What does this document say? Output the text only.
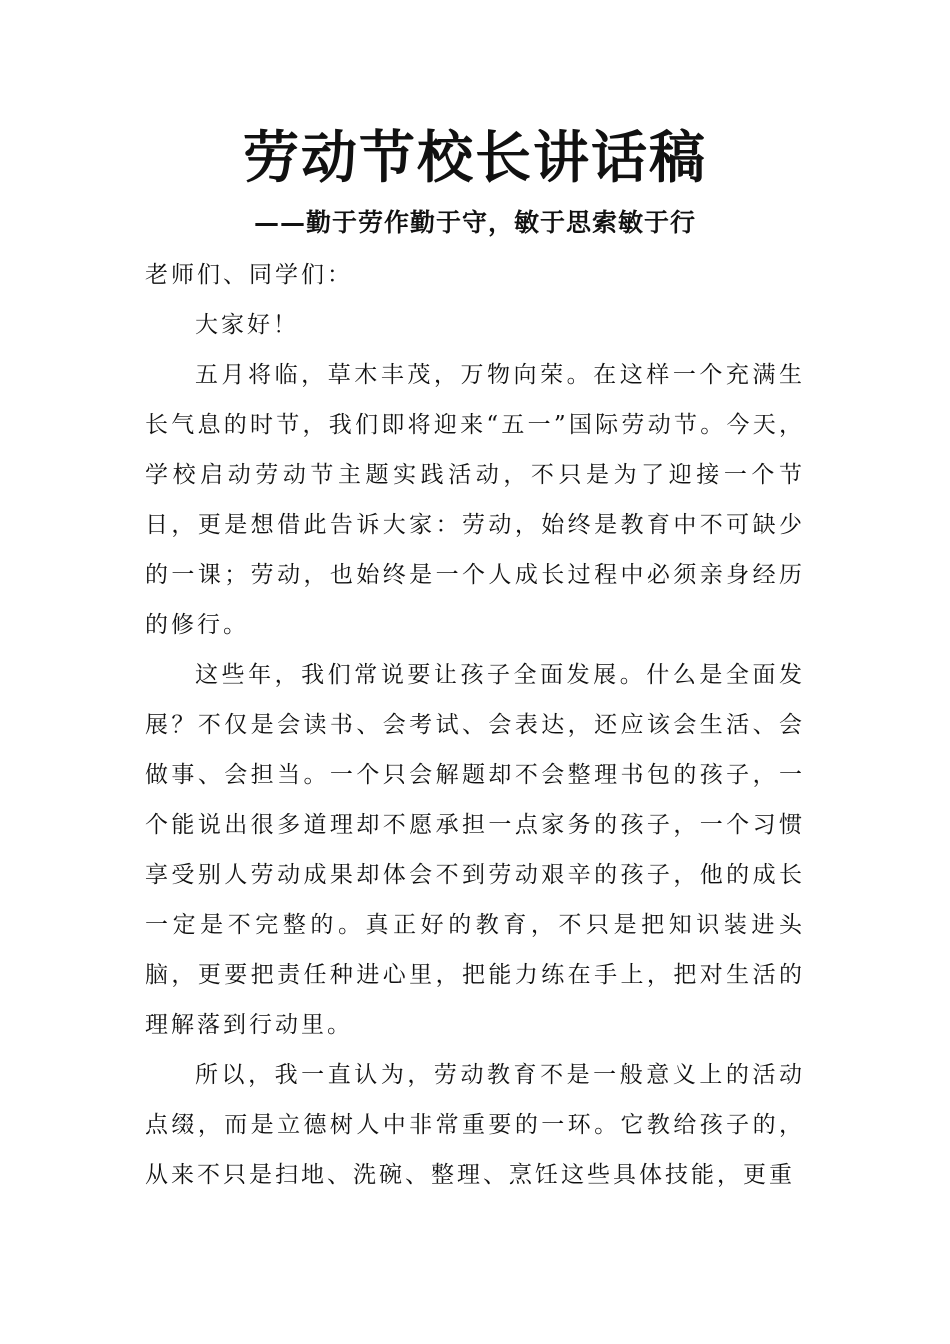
劳动节校长讲话稿
——勤于劳作勤于守，敏于思索敏于行

老师们、同学们：

大家好！

五月将临，草木丰茂，万物向荣。在这样一个充满生长气息的时节，我们即将迎来“五一”国际劳动节。今天，学校启动劳动节主题实践活动，不只是为了迎接一个节日，更是想借此告诉大家：劳动，始终是教育中不可缺少的一课；劳动，也始终是一个人成长过程中必须亲身经历的修行。

这些年，我们常说要让孩子全面发展。什么是全面发展？不仅是会读书、会考试、会表达，还应该会生活、会做事、会担当。一个只会解题却不会整理书包的孩子，一个能说出很多道理却不愿承担一点家务的孩子，一个习惯享受别人劳动成果却体会不到劳动艰辛的孩子，他的成长一定是不完整的。真正好的教育，不只是把知识装进头脑，更要把责任种进心里，把能力练在手上，把对生活的理解落到行动里。

所以，我一直认为，劳动教育不是一般意义上的活动点缀，而是立德树人中非常重要的一环。它教给孩子的，从来不只是扫地、洗碗、整理、烹饪这些具体技能，更重
